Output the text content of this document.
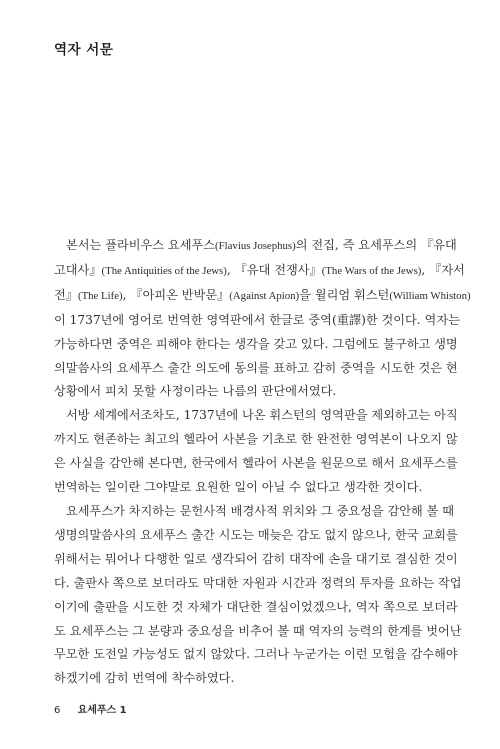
역자 서문
본서는 플라비우스 요세푸스(Flavius Josephus)의 전집, 즉 요세푸스의 『유대
고대사』(The Antiquities of the Jews), 『유대 전쟁사』(The Wars of the Jews), 『자서
전』(The Life), 『아피온 반박문』(Against Apion)을 윌리엄 휘스턴(William Whiston)
이 1737년에 영어로 번역한 영역판에서 한글로 중역(重譯)한 것이다. 역자는
가능하다면 중역은 피해야 한다는 생각을 갖고 있다. 그럼에도 불구하고 생명
의말씀사의 요세푸스 출간 의도에 동의를 표하고 감히 중역을 시도한 것은 현
상황에서 피치 못할 사정이라는 나름의 판단에서였다.
서방 세계에서조차도, 1737년에 나온 휘스턴의 영역판을 제외하고는 아직
까지도 현존하는 최고의 헬라어 사본을 기초로 한 완전한 영역본이 나오지 않
은 사실을 감안해 본다면, 한국에서 헬라어 사본을 원문으로 해서 요세푸스를
번역하는 일이란 그야말로 요원한 일이 아닐 수 없다고 생각한 것이다.
요세푸스가 차지하는 문헌사적 배경사적 위치와 그 중요성을 감안해 볼 때
생명의말씀사의 요세푸스 출간 시도는 매늦은 감도 없지 않으나, 한국 교회를
위해서는 뭐어나 다행한 일로 생각되어 감히 대작에 손을 대기로 결심한 것이
다. 출판사 쪽으로 보더라도 막대한 자원과 시간과 정력의 투자를 요하는 작업
이기에 출판을 시도한 것 자체가 대단한 결심이었겠으나, 역자 쪽으로 보더라
도 요세푸스는 그 분량과 중요성을 비추어 볼 때 역자의 능력의 한계를 벗어난
무모한 도전일 가능성도 없지 않았다. 그러나 누군가는 이런 모험을 감수해야
하겠기에 감히 번역에 착수하였다.
6 요세푸스 1
